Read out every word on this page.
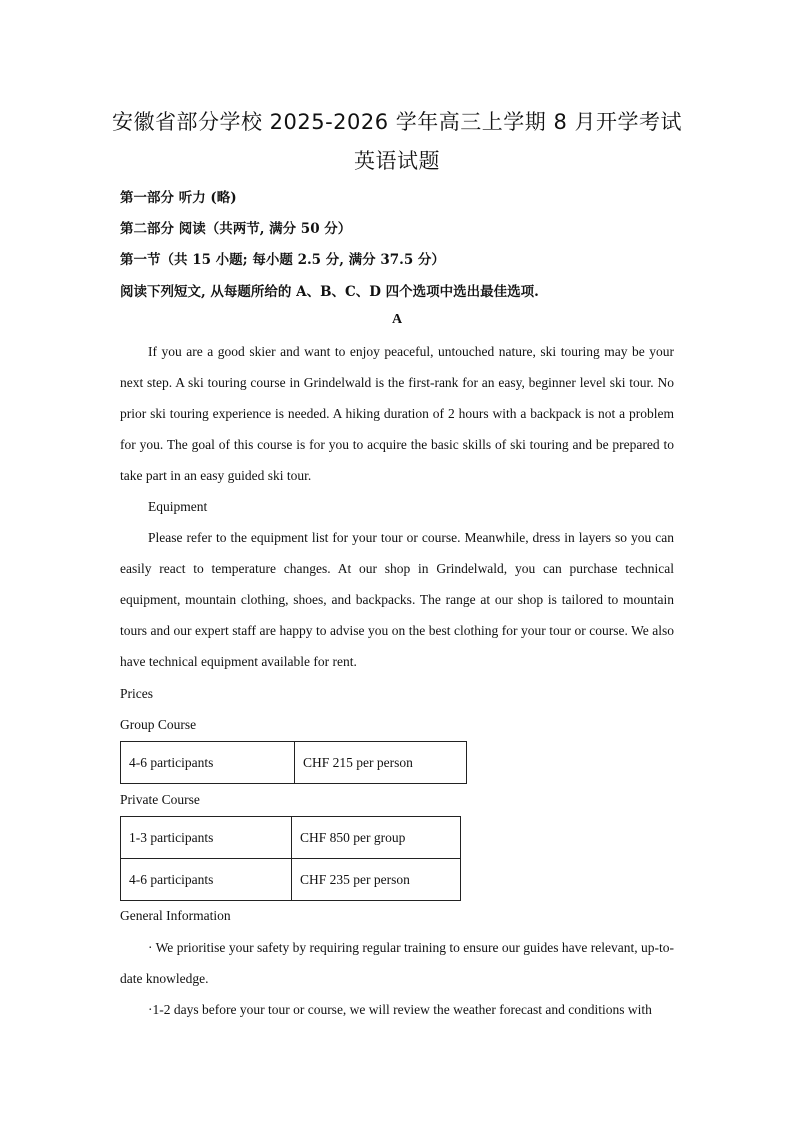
安徽省部分学校 2025-2026 学年高三上学期 8 月开学考试
英语试题
第一部分 听力 (略)
第二部分 阅读（共两节, 满分 50 分）
第一节（共 15 小题; 每小题 2.5 分, 满分 37.5 分）
阅读下列短文, 从每题所给的 A、B、C、D 四个选项中选出最佳选项.
A

If you are a good skier and want to enjoy peaceful, untouched nature, ski touring may be your next step. A ski touring course in Grindelwald is the first-rank for an easy, beginner level ski tour. No prior ski touring experience is needed. A hiking duration of 2 hours with a backpack is not a problem for you. The goal of this course is for you to acquire the basic skills of ski touring and be prepared to take part in an easy guided ski tour.

Equipment

Please refer to the equipment list for your tour or course. Meanwhile, dress in layers so you can easily react to temperature changes. At our shop in Grindelwald, you can purchase technical equipment, mountain clothing, shoes, and backpacks. The range at our shop is tailored to mountain tours and our expert staff are happy to advise you on the best clothing for your tour or course. We also have technical equipment available for rent.

Prices
Group Course
4-6 participants	CHF 215 per person
Private Course
1-3 participants	CHF 850 per group
4-6 participants	CHF 235 per person
General Information

· We prioritise your safety by requiring regular training to ensure our guides have relevant, up-to-date knowledge.

·1-2 days before your tour or course, we will review the weather forecast and conditions with
